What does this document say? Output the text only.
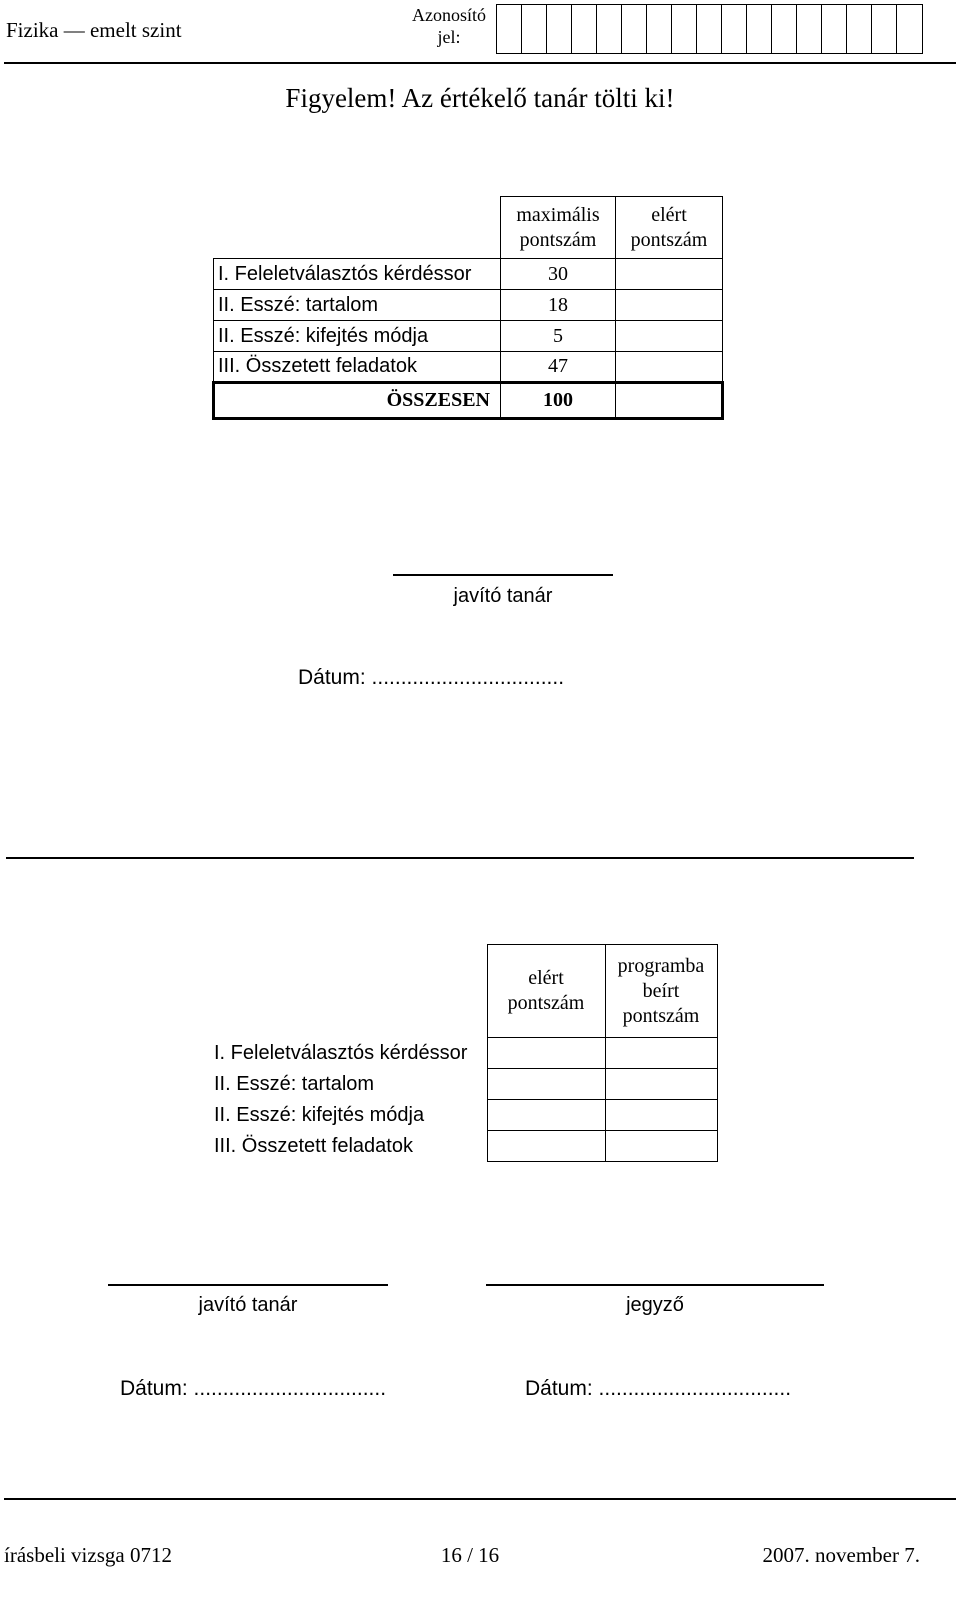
Fizika — emelt szint
Azonosító jel:
Figyelem! Az értékelő tanár tölti ki!
	maximális pontszám	elért pontszám
I. Feleletválasztós kérdéssor	30	
II. Esszé: tartalom	18	
II. Esszé: kifejtés módja	5	
III. Összetett feladatok	47	
ÖSSZESEN	100	
javító tanár
Dátum: .................................
	elért pontszám	programba beírt pontszám
I. Feleletválasztós kérdéssor		
II. Esszé: tartalom		
II. Esszé: kifejtés módja		
III. Összetett feladatok		
javító tanár	jegyző
Dátum: .................................	Dátum: .................................
írásbeli vizsga 0712	16 / 16	2007. november 7.
